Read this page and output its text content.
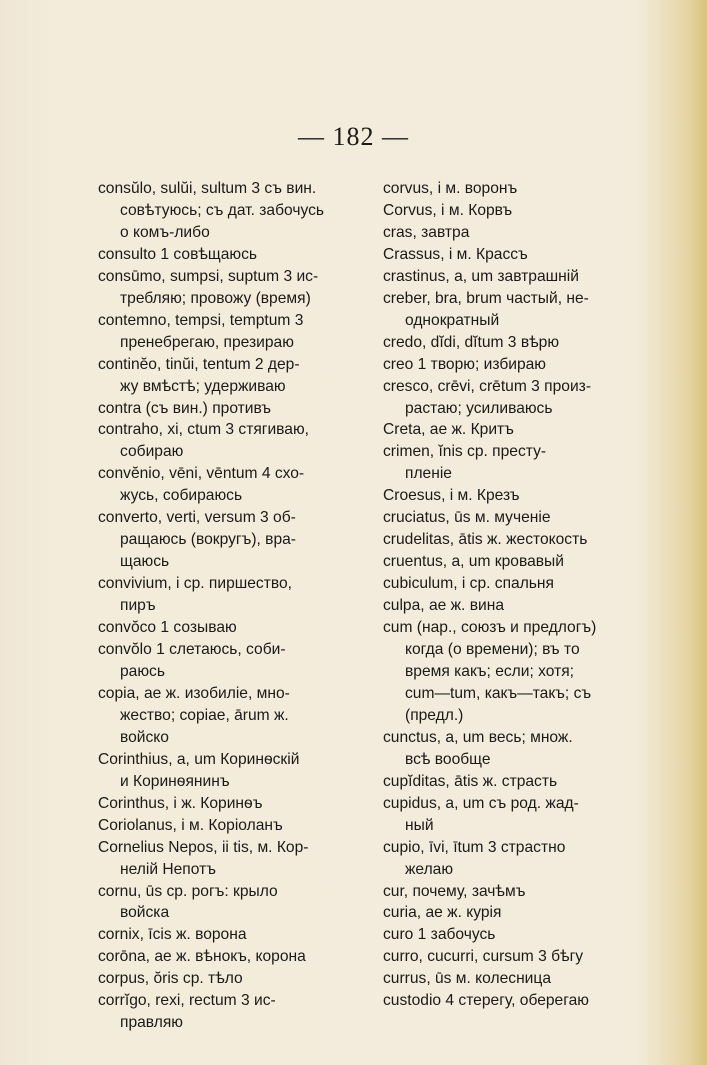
— 182 —
consŭlo, sulŭi, sultum 3 съ вин.
совѣтуюсь; съ дат. забочусь
о комъ-либо
consulto 1 совѣщаюсь
consūmo, sumpsi, suptum 3 ис-
требляю; провожу (время)
contemno, tempsi, temptum 3
пренебрегаю, презираю
continĕo, tinŭi, tentum 2 дер-
жу вмѣстѣ; удерживаю
contra (съ вин.) противъ
contraho, xi, ctum 3 стягиваю,
собираю
convĕnio, vēni, vēntum 4 схо-
жусь, собираюсь
converto, verti, versum 3 об-
ращаюсь (вокругъ), вра-
щаюсь
convivium, i ср. пиршество,
пиръ
convŏco 1 созываю
convŏlo 1 слетаюсь, соби-
раюсь
copia, ae ж. изобиліе, мно-
жество; copiae, ārum ж.
войско
Corinthius, a, um Коринѳскій
и Коринѳянинъ
Corinthus, i ж. Коринѳъ
Coriolanus, i м. Коріоланъ
Cornelius Nepos, ii tis, м. Кор-
нелій Непотъ
cornu, ūs ср. рогъ: крыло
войска
cornix, īcis ж. ворона
corōna, ae ж. вѣнокъ, корона
corpus, ŏris ср. тѣло
corrĭgo, rexi, rectum 3 ис-
правляю
corvus, i м. воронъ
Corvus, i м. Корвъ
cras, завтра
Crassus, i м. Крассъ
crastinus, a, um завтрашній
creber, bra, brum частый, не-
однократный
credo, dĭdi, dĭtum 3 вѣрю
creo 1 творю; избираю
cresco, crēvi, crētum 3 произ-
растаю; усиливаюсь
Creta, ae ж. Критъ
crimen, ĭnis ср. престу-
пленіе
Croesus, i м. Крезъ
cruciatus, ūs м. мученіе
crudelitas, ātis ж. жестокость
cruentus, a, um кровавый
cubiculum, i ср. спальня
culpa, ae ж. вина
cum (нар., союзъ и предлогъ)
когда (о времени); въ то
время какъ; если; хотя;
cum—tum, какъ—такъ; съ
(предл.)
cunctus, a, um весь; множ.
всѣ вообще
cupĭditas, ātis ж. страсть
cupidus, a, um съ род. жад-
ный
cupio, īvi, ītum 3 страстно
желаю
cur, почему, зачѣмъ
curia, ae ж. курія
curo 1 забочусь
curro, cucurri, cursum 3 бѣгу
currus, ūs м. колесница
custodio 4 стерегу, оберегаю
